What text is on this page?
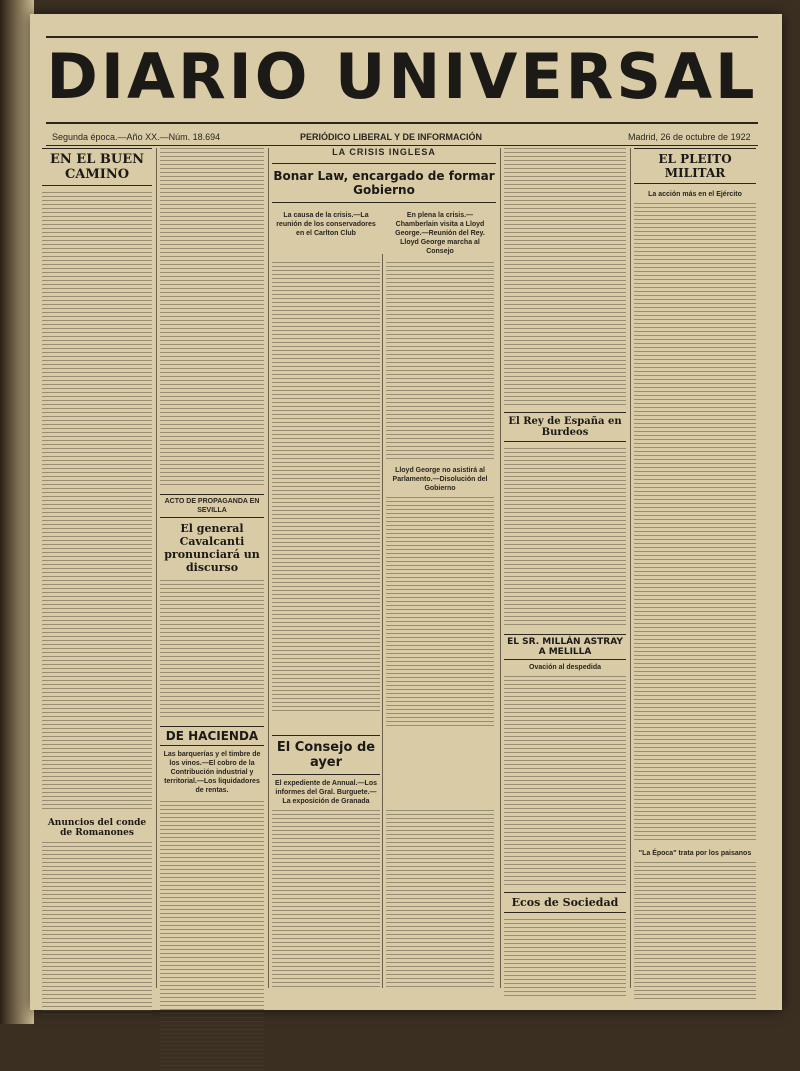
DIARIO UNIVERSAL
Segunda época.—Año XX.—Núm. 18.694	PERIÓDICO LIBERAL Y DE INFORMACIÓN	Madrid, 26 de octubre de 1922
EN EL BUEN CAMINO
Anuncios del conde de Romanones
ACTO DE PROPAGANDA EN SEVILLA
El general Cavalcanti pronunciará un discurso
DE HACIENDA
Las barquerías y el timbre de los vinos.—El cobro de la Contribución industrial y territorial.—Los liquidadores de rentas.
LA CRISIS INGLESA
Bonar Law, encargado de formar Gobierno
La causa de la crisis.—La reunión de los conservadores en el Carlton Club
En plena la crisis.—Chamberlain visita a Lloyd George.—Reunión del Rey. Lloyd George marcha al Consejo
Lloyd George no asistirá al Parlamento.—Disolución del Gobierno
El Consejo de ayer
El expediente de Annual.—Los informes del Gral. Burguete.—La exposición de Granada
El Rey de España en Burdeos
EL SR. MILLÁN ASTRAY A MELILLA
Ovación al despedida
Ecos de Sociedad
EL PLEITO MILITAR
La acción más en el Ejército
"La Época" trata por los paisanos
